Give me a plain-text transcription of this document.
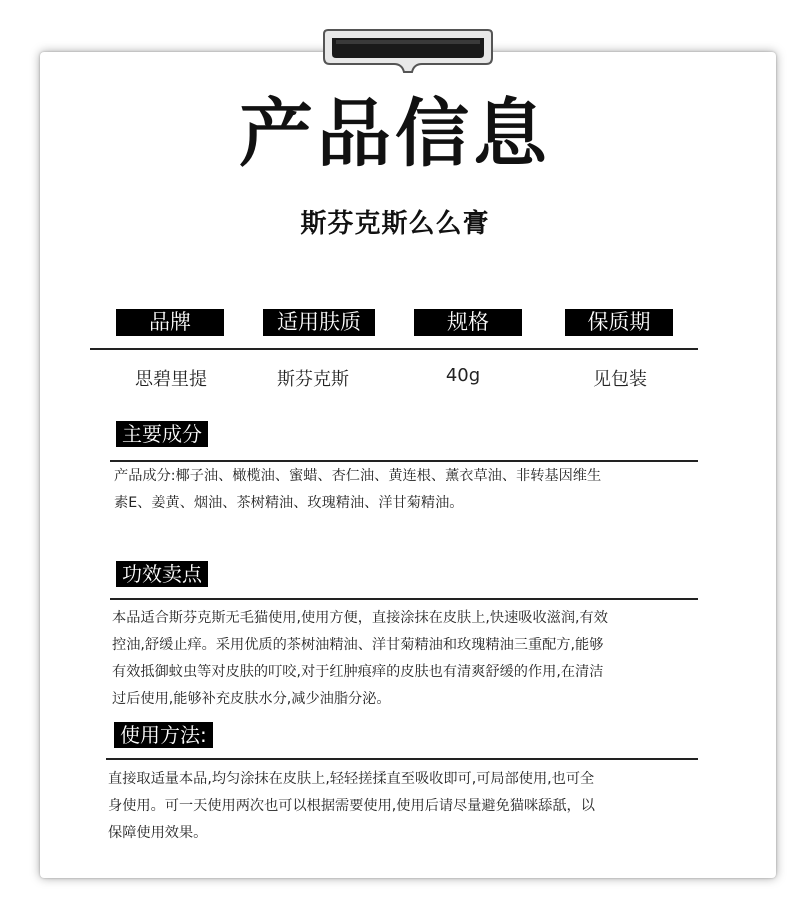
产品信息
斯芬克斯么么膏
品牌	适用肤质	规格	保质期
思碧里提	斯芬克斯	40g	见包装
主要成分
产品成分:椰子油、橄榄油、蜜蜡、杏仁油、黄连根、薰衣草油、非转基因维生
素E、姜黄、烟油、茶树精油、玫瑰精油、洋甘菊精油。
功效卖点
本品适合斯芬克斯无毛猫使用,使用方便，直接涂抹在皮肤上,快速吸收滋润,有效
控油,舒缓止痒。采用优质的茶树油精油、洋甘菊精油和玫瑰精油三重配方,能够
有效抵御蚊虫等对皮肤的叮咬,对于红肿痕痒的皮肤也有清爽舒缓的作用,在清洁
过后使用,能够补充皮肤水分,减少油脂分泌。
使用方法:
直接取适量本品,均匀涂抹在皮肤上,轻轻搓揉直至吸收即可,可局部使用,也可全
身使用。可一天使用两次也可以根据需要使用,使用后请尽量避免猫咪舔舐，以
保障使用效果。
